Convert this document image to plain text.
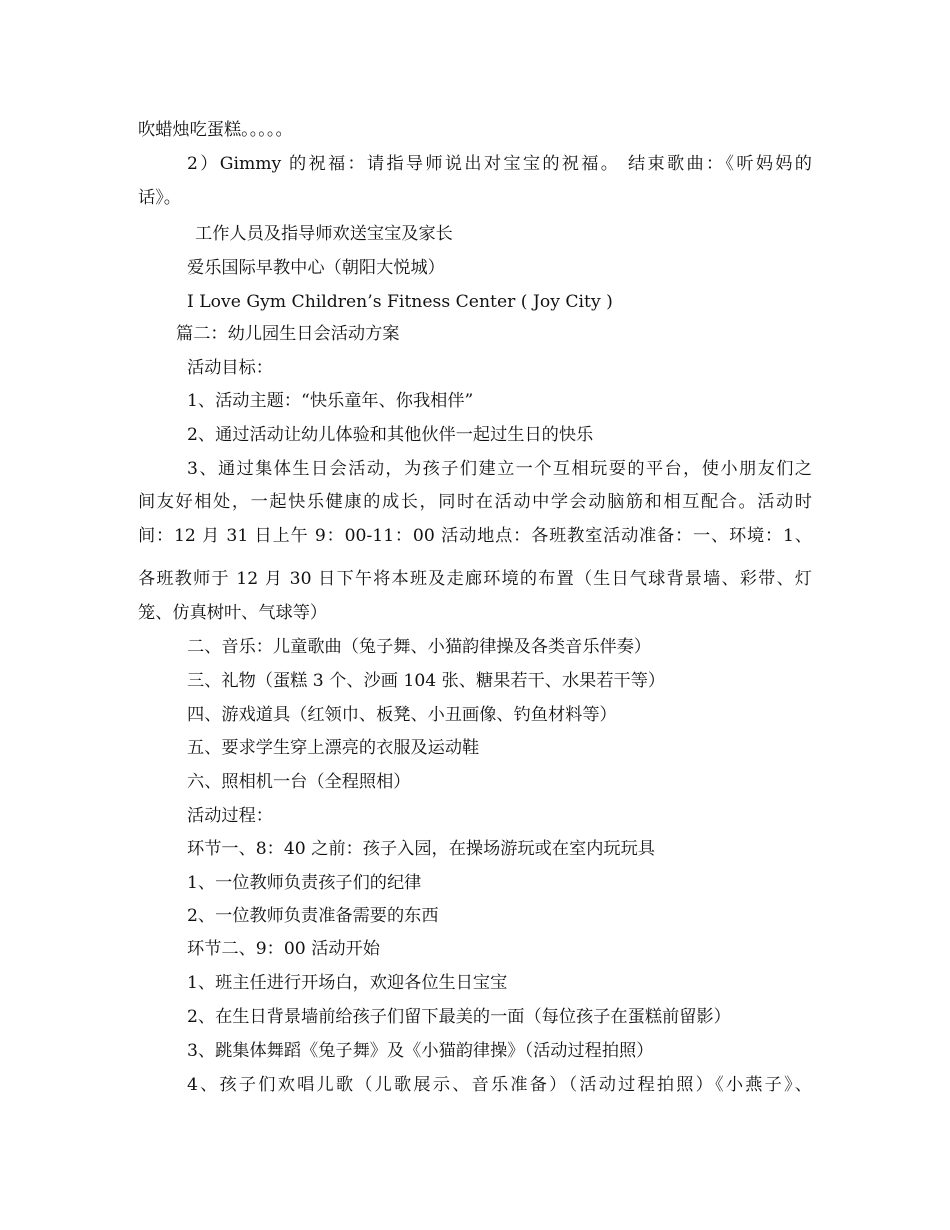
吹蜡烛吃蛋糕。。。。。
2）Gimmy 的祝福：请指导师说出对宝宝的祝福。 结束歌曲：《听妈妈的
话》。
工作人员及指导师欢送宝宝及家长
爱乐国际早教中心（朝阳大悦城）
I Love Gym Children’s Fitness Center ( Joy City )
篇二：幼儿园生日会活动方案
活动目标：
1、活动主题：“快乐童年、你我相伴”
2、通过活动让幼儿体验和其他伙伴一起过生日的快乐
3、通过集体生日会活动，为孩子们建立一个互相玩耍的平台，使小朋友们之
间友好相处，一起快乐健康的成长，同时在活动中学会动脑筋和相互配合。活动时
间：12 月 31 日上午 9：00-11：00 活动地点：各班教室活动准备：一、环境：1、
各班教师于 12 月 30 日下午将本班及走廊环境的布置（生日气球背景墙、彩带、灯
笼、仿真树叶、气球等）
二、音乐：儿童歌曲（兔子舞、小猫韵律操及各类音乐伴奏）
三、礼物（蛋糕 3 个、沙画 104 张、糖果若干、水果若干等）
四、游戏道具（红领巾、板凳、小丑画像、钓鱼材料等）
五、要求学生穿上漂亮的衣服及运动鞋
六、照相机一台（全程照相）
活动过程：
环节一、8：40 之前：孩子入园，在操场游玩或在室内玩玩具
1、一位教师负责孩子们的纪律
2、一位教师负责准备需要的东西
环节二、9：00 活动开始
1、班主任进行开场白，欢迎各位生日宝宝
2、在生日背景墙前给孩子们留下最美的一面（每位孩子在蛋糕前留影）
3、跳集体舞蹈《兔子舞》及《小猫韵律操》（活动过程拍照）
4、孩子们欢唱儿歌（儿歌展示、音乐准备）（活动过程拍照）《小燕子》、
